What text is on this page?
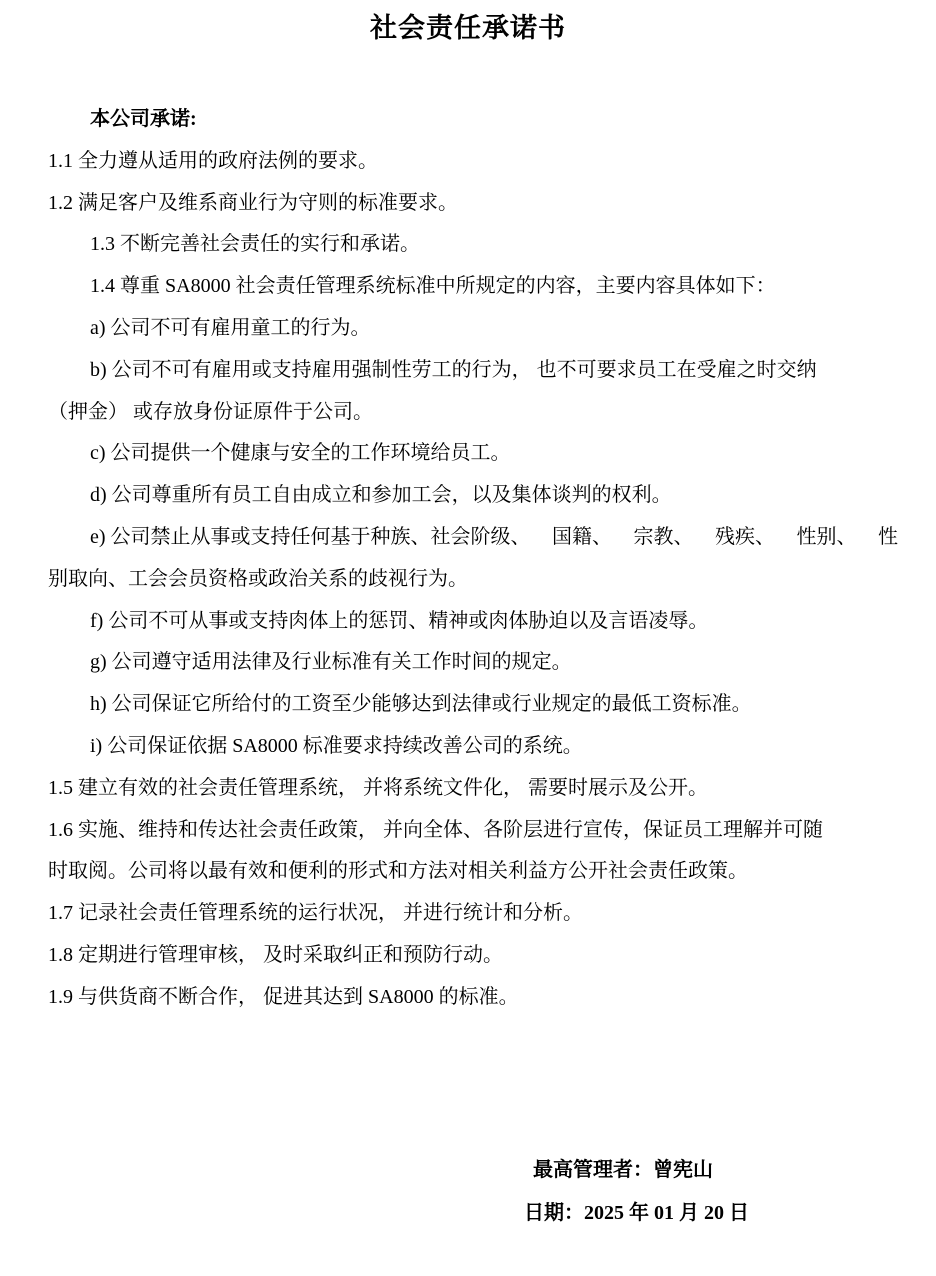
社会责任承诺书
本公司承诺:
1.1 全力遵从适用的政府法例的要求。
1.2 满足客户及维系商业行为守则的标准要求。
1.3 不断完善社会责任的实行和承诺。
1.4 尊重 SA8000 社会责任管理系统标准中所规定的内容，主要内容具体如下：
a) 公司不可有雇用童工的行为。
b) 公司不可有雇用或支持雇用强制性劳工的行为， 也不可要求员工在受雇之时交纳
（押金） 或存放身份证原件于公司。
c) 公司提供一个健康与安全的工作环境给员工。
d) 公司尊重所有员工自由成立和参加工会，以及集体谈判的权利。
e) 公司禁止从事或支持任何基于种族、社会阶级、 国籍、 宗教、 残疾、 性别、 性
别取向、工会会员资格或政治关系的歧视行为。
f) 公司不可从事或支持肉体上的惩罚、精神或肉体胁迫以及言语凌辱。
g) 公司遵守适用法律及行业标准有关工作时间的规定。
h) 公司保证它所给付的工资至少能够达到法律或行业规定的最低工资标准。
i) 公司保证依据 SA8000 标准要求持续改善公司的系统。
1.5 建立有效的社会责任管理系统， 并将系统文件化， 需要时展示及公开。
1.6 实施、维持和传达社会责任政策， 并向全体、各阶层进行宣传，保证员工理解并可随
时取阅。公司将以最有效和便利的形式和方法对相关利益方公开社会责任政策。
1.7 记录社会责任管理系统的运行状况， 并进行统计和分析。
1.8 定期进行管理审核， 及时采取纠正和预防行动。
1.9 与供货商不断合作， 促进其达到 SA8000 的标准。
最高管理者：曾宪山
日期：2025 年 01 月 20 日
